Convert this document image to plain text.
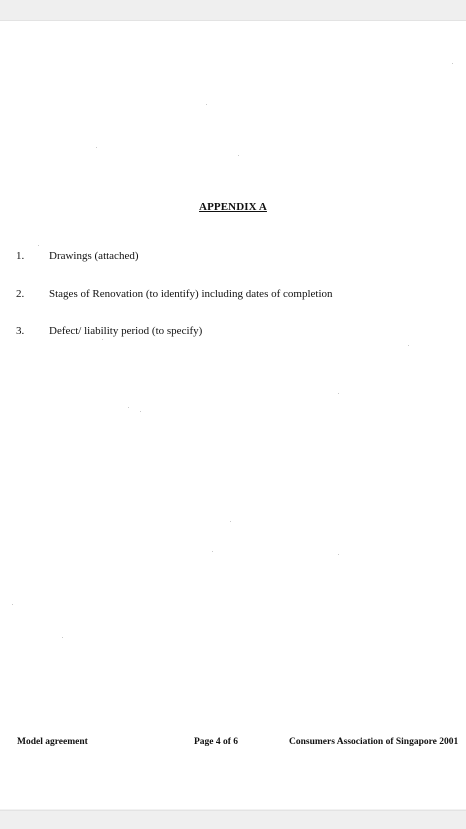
APPENDIX A
1. Drawings (attached)
2. Stages of Renovation (to identify) including dates of completion
3. Defect/ liability period (to specify)
Model agreement	Page 4 of 6	Consumers Association of Singapore 2001
